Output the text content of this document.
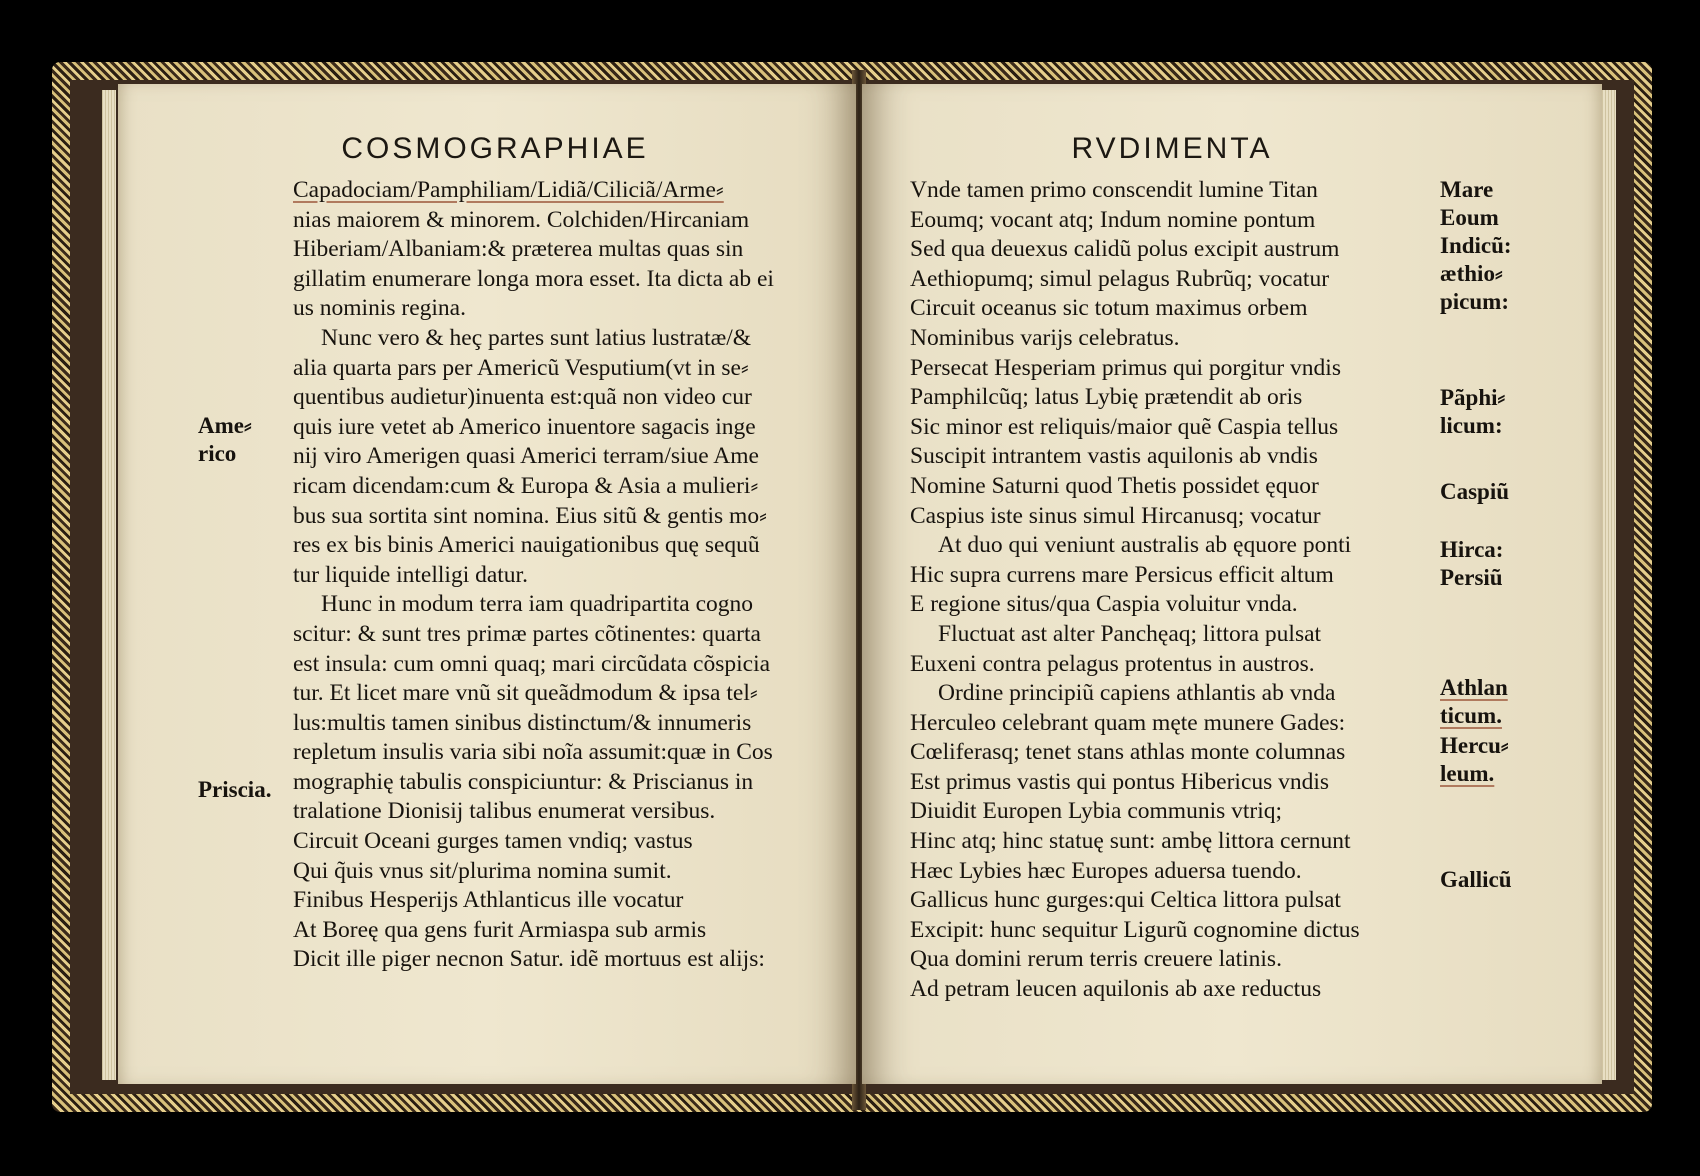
COSMOGRAPHIAE
Ame⸗
rico
Priscia.
Capadociam/Pamphiliam/Lidiã/Ciliciã/Arme⸗
nias maiorem & minorem. Colchiden/Hircaniam
Hiberiam/Albaniam:& præterea multas quas sin
gillatim enumerare longa mora esset. Ita dicta ab ei
us nominis regina.
Nunc vero & heç partes sunt latius lustratæ/&
alia quarta pars per Americũ Vesputium(vt in se⸗
quentibus audietur)inuenta est:quã non video cur
quis iure vetet ab Americo inuentore sagacis inge
nij viro Amerigen quasi Americi terram/siue Ame
ricam dicendam:cum & Europa & Asia a mulieri⸗
bus sua sortita sint nomina. Eius sitũ & gentis mo⸗
res ex bis binis Americi nauigationibus quę sequũ
tur liquide intelligi datur.
Hunc in modum terra iam quadripartita cogno
scitur: & sunt tres primæ partes cõtinentes: quarta
est insula: cum omni quaq; mari circũdata cõspicia
tur. Et licet mare vnũ sit queãdmodum & ipsa tel⸗
lus:multis tamen sinibus distinctum/& innumeris
repletum insulis varia sibi noĩa assumit:quæ in Cos
mographię tabulis conspiciuntur: & Priscianus in
tralatione Dionisij talibus enumerat versibus.
Circuit Oceani gurges tamen vndiq; vastus
Qui q̃uis vnus sit/plurima nomina sumit.
Finibus Hesperijs Athlanticus ille vocatur
At Boreę qua gens furit Armiaspa sub armis
Dicit ille piger necnon Satur. idẽ mortuus est alijs:
RVDIMENTA
Vnde tamen primo conscendit lumine Titan
Eoumq; vocant atq; Indum nomine pontum
Sed qua deuexus calidũ polus excipit austrum
Aethiopumq; simul pelagus Rubrũq; vocatur
Circuit oceanus sic totum maximus orbem
Nominibus varijs celebratus.
Persecat Hesperiam primus qui porgitur vndis
Pamphilcũq; latus Lybię prætendit ab oris
Sic minor est reliquis/maior quẽ Caspia tellus
Suscipit intrantem vastis aquilonis ab vndis
Nomine Saturni quod Thetis possidet ęquor
Caspius iste sinus simul Hircanusq; vocatur
At duo qui veniunt australis ab ęquore ponti
Hic supra currens mare Persicus efficit altum
E regione situs/qua Caspia voluitur vnda.
Fluctuat ast alter Panchęaq; littora pulsat
Euxeni contra pelagus protentus in austros.
Ordine principiũ capiens athlantis ab vnda
Herculeo celebrant quam męte munere Gades:
Cœliferasq; tenet stans athlas monte columnas
Est primus vastis qui pontus Hibericus vndis
Diuidit Europen Lybia communis vtriq;
Hinc atq; hinc statuę sunt: ambę littora cernunt
Hæc Lybies hæc Europes aduersa tuendo.
Gallicus hunc gurges:qui Celtica littora pulsat
Excipit: hunc sequitur Ligurũ cognomine dictus
Qua domini rerum terris creuere latinis.
Ad petram leucen aquilonis ab axe reductus
Mare
Eoum
Indicũ:
æthio⸗
picum:
Pãphi⸗
licum:
Caspiũ
Hirca:
Persiũ
Athlan
ticum.
Hercu⸗
leum.
Gallicũ
